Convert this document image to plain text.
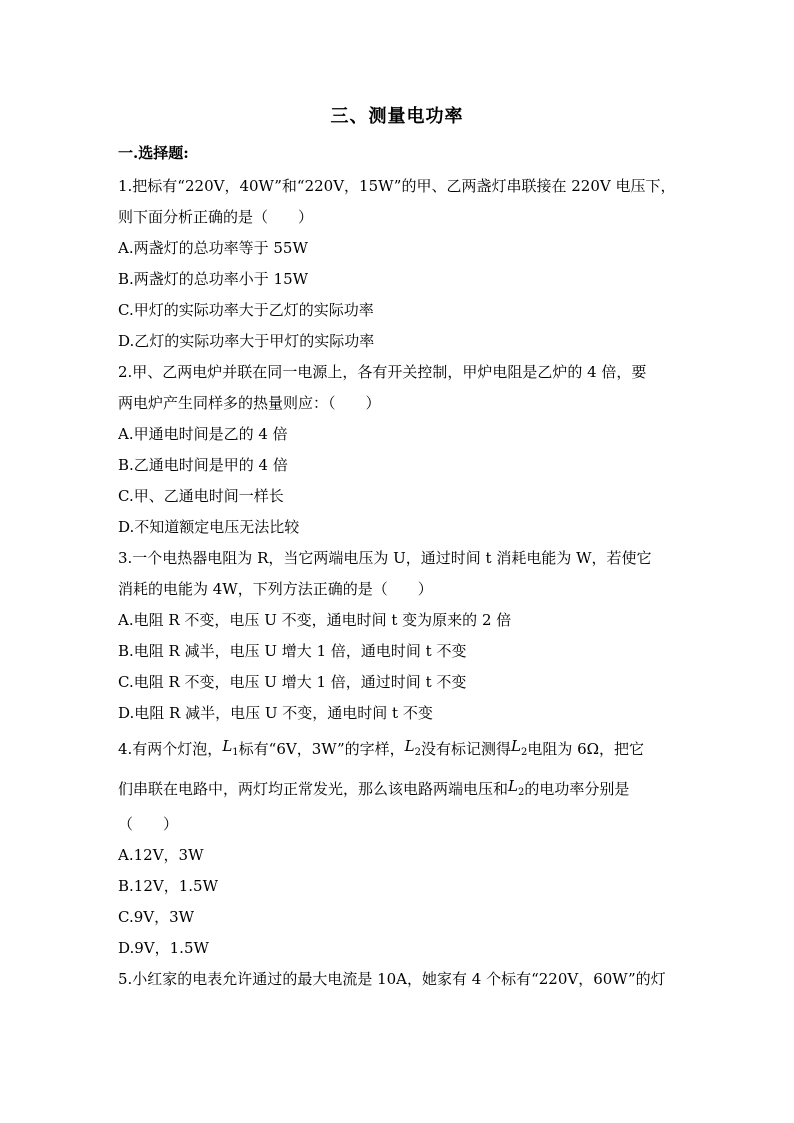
三、测量电功率
一.选择题:
1.把标有“220V，40W”和“220V，15W”的甲、乙两盏灯串联接在 220V 电压下，
则下面分析正确的是（　　）
A.两盏灯的总功率等于 55W
B.两盏灯的总功率小于 15W
C.甲灯的实际功率大于乙灯的实际功率
D.乙灯的实际功率大于甲灯的实际功率
2.甲、乙两电炉并联在同一电源上，各有开关控制，甲炉电阻是乙炉的 4 倍，要
两电炉产生同样多的热量则应：（　　）
A.甲通电时间是乙的 4 倍
B.乙通电时间是甲的 4 倍
C.甲、乙通电时间一样长
D.不知道额定电压无法比较
3.一个电热器电阻为 R，当它两端电压为 U，通过时间 t 消耗电能为 W，若使它
消耗的电能为 4W，下列方法正确的是（　　）
A.电阻 R 不变，电压 U 不变，通电时间 t 变为原来的 2 倍
B.电阻 R 减半，电压 U 增大 1 倍，通电时间 t 不变
C.电阻 R 不变，电压 U 增大 1 倍，通过时间 t 不变
D.电阻 R 减半，电压 U 不变，通电时间 t 不变
4.有两个灯泡，$L_1$标有“6V，3W”的字样，$L_2$没有标记测得$L_2$电阻为 6Ω，把它
们串联在电路中，两灯均正常发光，那么该电路两端电压和$L_2$的电功率分别是
（　　）
A.12V，3W
B.12V，1.5W
C.9V，3W
D.9V，1.5W
5.小红家的电表允许通过的最大电流是 10A，她家有 4 个标有“220V，60W”的灯
